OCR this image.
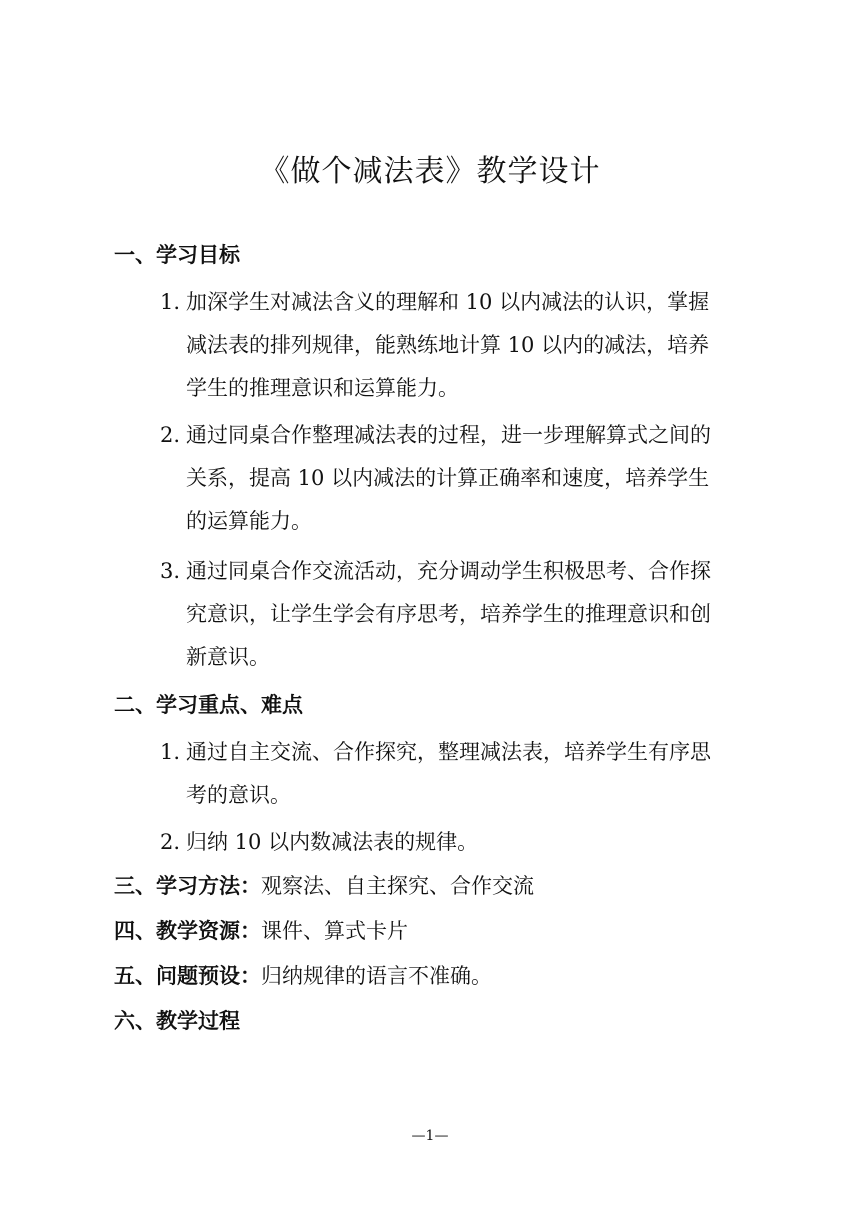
《做个减法表》教学设计
一、学习目标
1. 加深学生对减法含义的理解和 10 以内减法的认识，掌握
减法表的排列规律，能熟练地计算 10 以内的减法，培养
学生的推理意识和运算能力。
2. 通过同桌合作整理减法表的过程，进一步理解算式之间的
关系，提高 10 以内减法的计算正确率和速度，培养学生
的运算能力。
3. 通过同桌合作交流活动，充分调动学生积极思考、合作探
究意识，让学生学会有序思考，培养学生的推理意识和创
新意识。
二、学习重点、难点
1. 通过自主交流、合作探究，整理减法表，培养学生有序思
考的意识。
2. 归纳 10 以内数减法表的规律。
三、学习方法：观察法、自主探究、合作交流
四、教学资源：课件、算式卡片
五、问题预设：归纳规律的语言不准确。
六、教学过程
—1—
